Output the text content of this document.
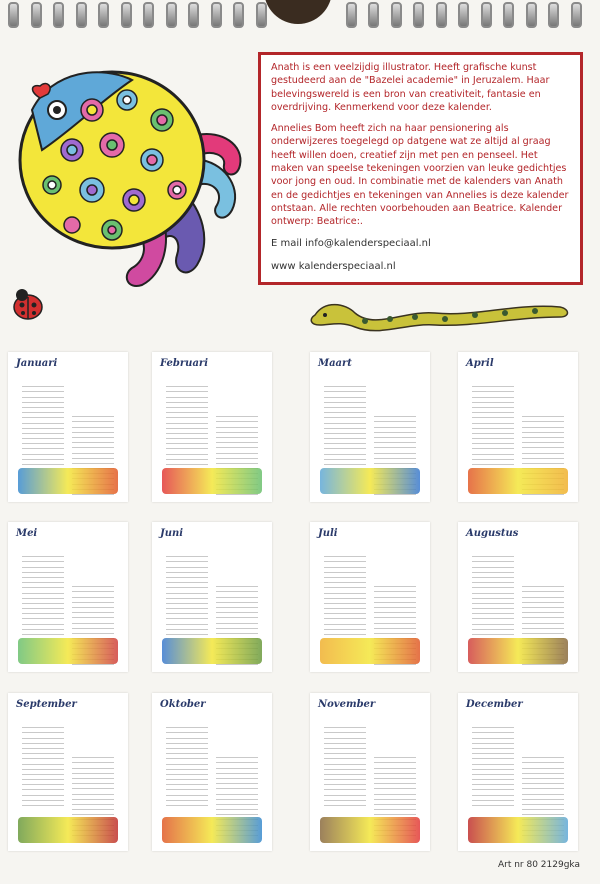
Anath is een veelzijdig illustrator. Heeft grafische kunst gestudeerd aan de "Bazelei academie" in Jeruzalem. Haar belevingswereld is een bron van creativiteit, fantasie en overdrijving. Kenmerkend voor deze kalender.

Annelies Bom heeft zich na haar pensionering als onderwijzeres toegelegd op datgene wat ze altijd al graag heeft willen doen, creatief zijn met pen en penseel. Het maken van speelse tekeningen voorzien van leuke gedichtjes voor jong en oud. In combinatie met de kalenders van Anath en de gedichtjes en tekeningen van Annelies is deze kalender ontstaan. Alle rechten voorbehouden aan Beatrice. Kalender ontwerp: Beatrice:.

E mail info@kalenderspeciaal.nl
www kalenderspeciaal.nl
Januari	Februari	Maart	April
Mei	Juni	Juli	Augustus
September	Oktober	November	December
Art nr 80 2129gka
